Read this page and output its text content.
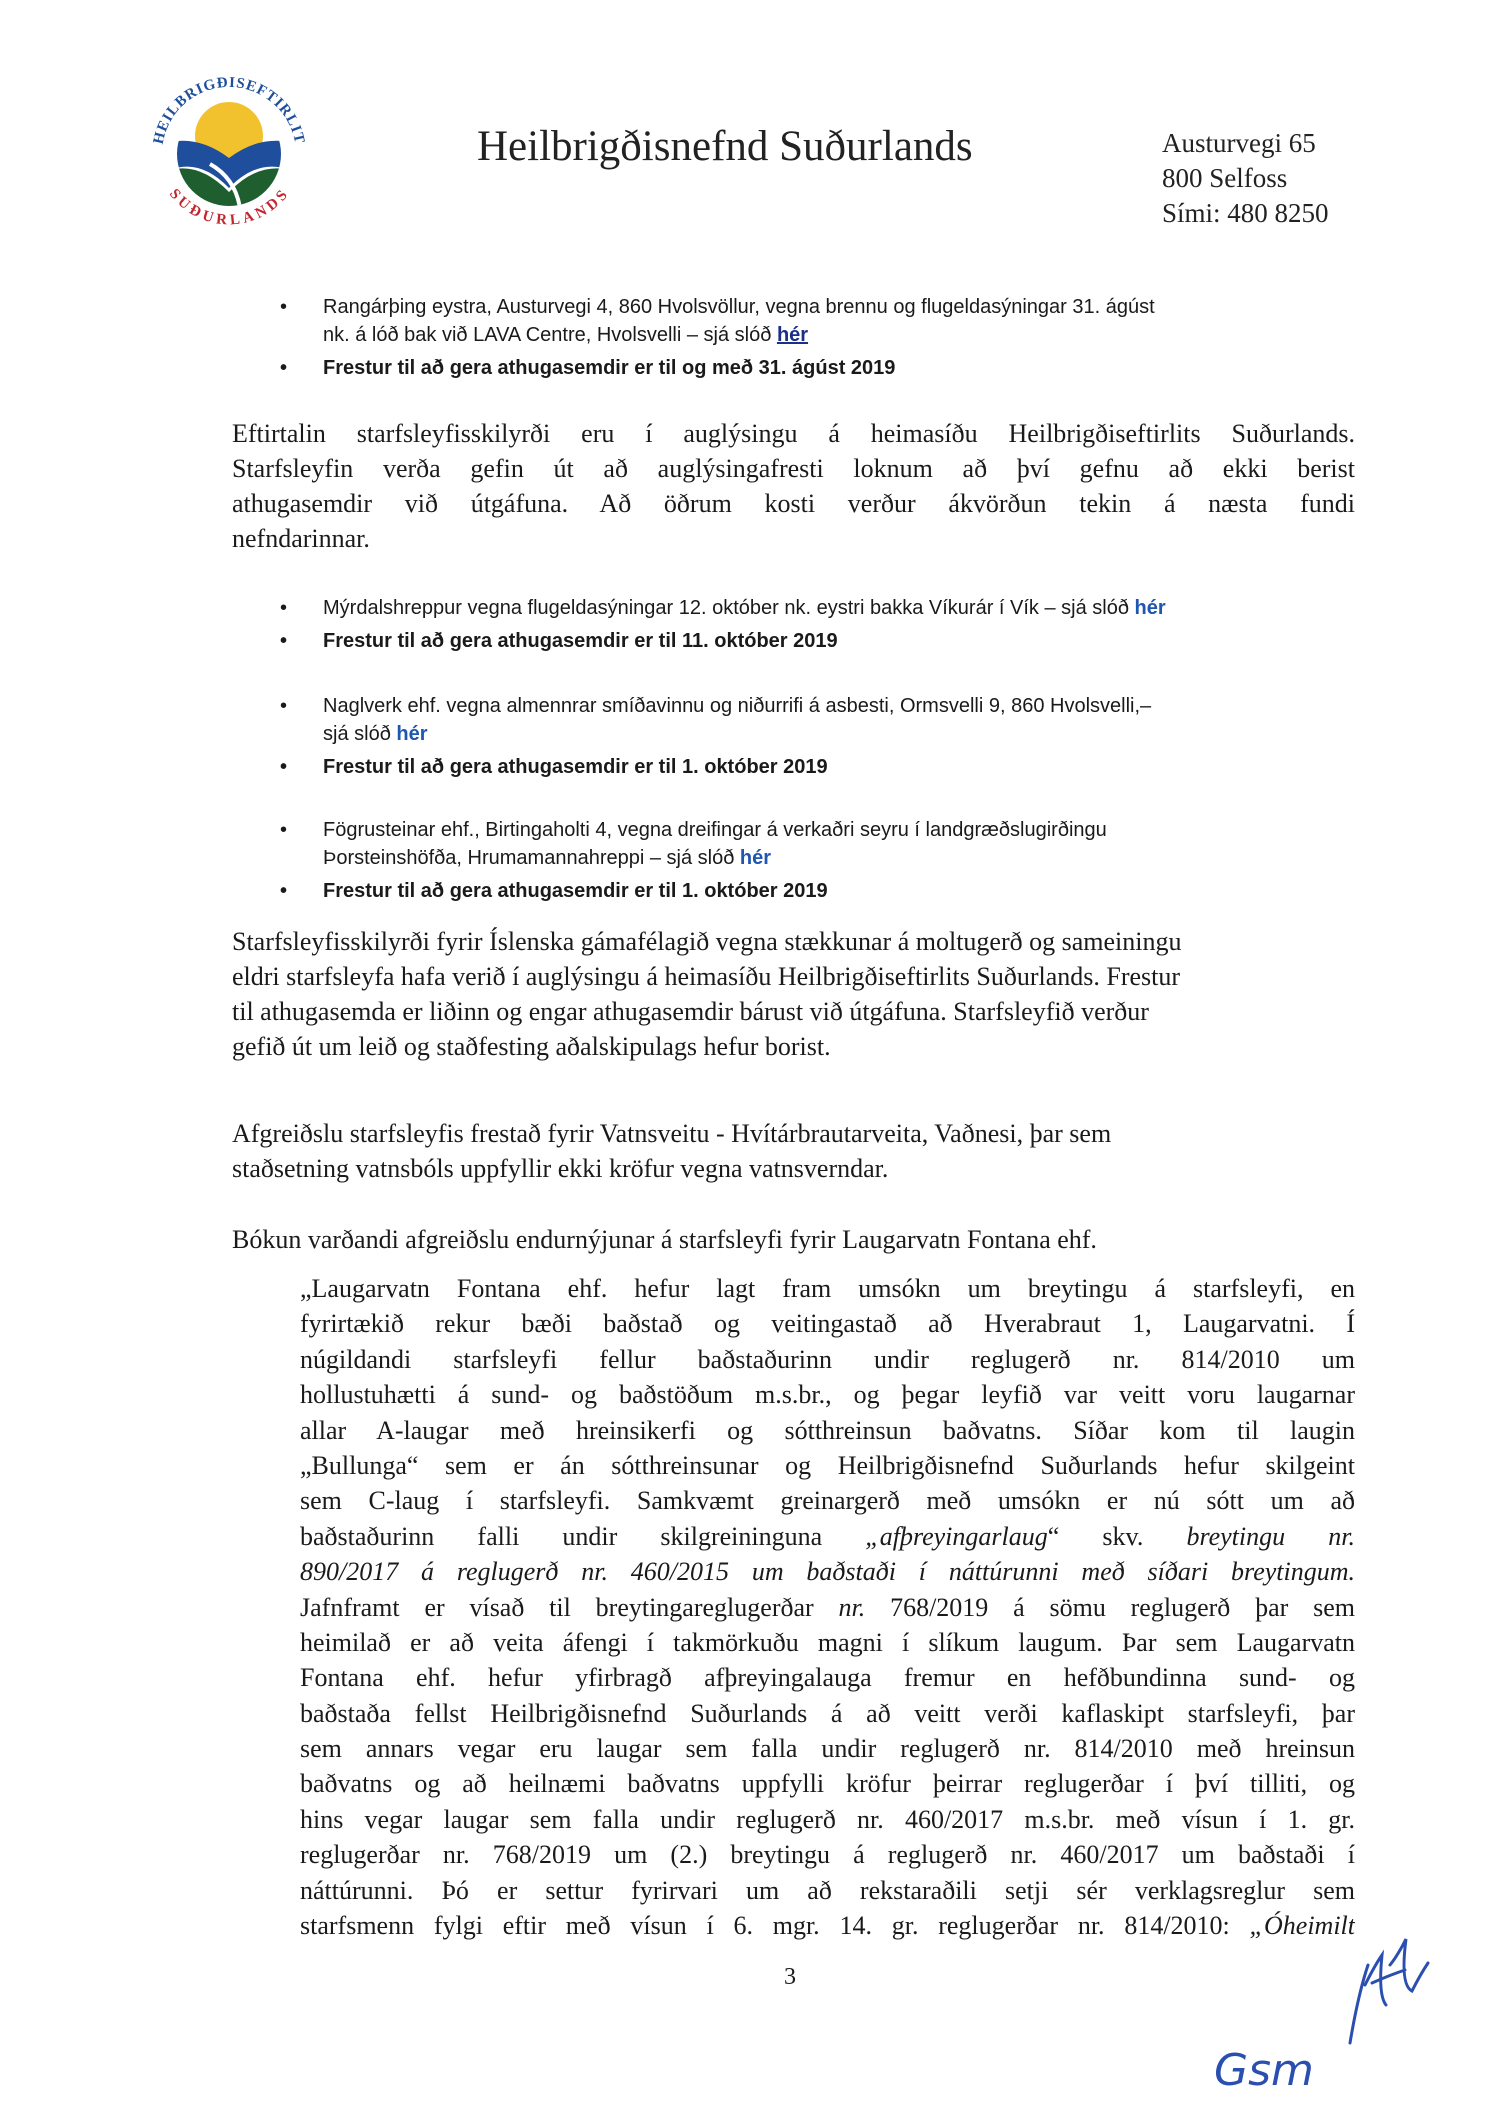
HEILBRIGÐISEFTIRLIT
SUÐURLANDS
Heilbrigðisnefnd Suðurlands	Austurvegi 65
800 Selfoss
Sími: 480 8250
• Rangárþing eystra, Austurvegi 4, 860 Hvolsvöllur, vegna brennu og flugeldasýningar 31. ágúst
nk. á lóð bak við LAVA Centre, Hvolsvelli – sjá slóð hér
• Frestur til að gera athugasemdir er til og með 31. ágúst 2019
Eftirtalin starfsleyfisskilyrði eru í auglýsingu á heimasíðu Heilbrigðiseftirlits Suðurlands.
Starfsleyfin verða gefin út að auglýsingafresti loknum að því gefnu að ekki berist
athugasemdir við útgáfuna. Að öðrum kosti verður ákvörðun tekin á næsta fundi
nefndarinnar.
• Mýrdalshreppur vegna flugeldasýningar 12. október nk. eystri bakka Víkurár í Vík – sjá slóð hér
• Frestur til að gera athugasemdir er til 11. október 2019
• Naglverk ehf. vegna almennrar smíðavinnu og niðurrifi á asbesti, Ormsvelli 9, 860 Hvolsvelli,–
sjá slóð hér
• Frestur til að gera athugasemdir er til 1. október 2019
• Fögrusteinar ehf., Birtingaholti 4, vegna dreifingar á verkaðri seyru í landgræðslugirðingu
Þorsteinshöfða, Hrumamannahreppi – sjá slóð hér
• Frestur til að gera athugasemdir er til 1. október 2019
Starfsleyfisskilyrði fyrir Íslenska gámafélagið vegna stækkunar á moltugerð og sameiningu
eldri starfsleyfa hafa verið í auglýsingu á heimasíðu Heilbrigðiseftirlits Suðurlands. Frestur
til athugasemda er liðinn og engar athugasemdir bárust við útgáfuna. Starfsleyfið verður
gefið út um leið og staðfesting aðalskipulags hefur borist.
Afgreiðslu starfsleyfis frestað fyrir Vatnsveitu - Hvítárbrautarveita, Vaðnesi, þar sem
staðsetning vatnsbóls uppfyllir ekki kröfur vegna vatnsverndar.
Bókun varðandi afgreiðslu endurnýjunar á starfsleyfi fyrir Laugarvatn Fontana ehf.
„Laugarvatn Fontana ehf. hefur lagt fram umsókn um breytingu á starfsleyfi, en
fyrirtækið rekur bæði baðstað og veitingastað að Hverabraut 1, Laugarvatni. Í
núgildandi starfsleyfi fellur baðstaðurinn undir reglugerð nr. 814/2010 um
hollustuhætti á sund- og baðstöðum m.s.br., og þegar leyfið var veitt voru laugarnar
allar A-laugar með hreinsikerfi og sótthreinsun baðvatns. Síðar kom til laugin
„Bullunga“ sem er án sótthreinsunar og Heilbrigðisnefnd Suðurlands hefur skilgeint
sem C-laug í starfsleyfi. Samkvæmt greinargerð með umsókn er nú sótt um að
baðstaðurinn falli undir skilgreininguna „afþreyingarlaug“ skv. breytingu nr.
890/2017 á reglugerð nr. 460/2015 um baðstaði í náttúrunni með síðari breytingum.
Jafnframt er vísað til breytingareglugerðar nr. 768/2019 á sömu reglugerð þar sem
heimilað er að veita áfengi í takmörkuðu magni í slíkum laugum. Þar sem Laugarvatn
Fontana ehf. hefur yfirbragð afþreyingalauga fremur en hefðbundinna sund- og
baðstaða fellst Heilbrigðisnefnd Suðurlands á að veitt verði kaflaskipt starfsleyfi, þar
sem annars vegar eru laugar sem falla undir reglugerð nr. 814/2010 með hreinsun
baðvatns og að heilnæmi baðvatns uppfylli kröfur þeirrar reglugerðar í því tilliti, og
hins vegar laugar sem falla undir reglugerð nr. 460/2017 m.s.br. með vísun í 1. gr.
reglugerðar nr. 768/2019 um (2.) breytingu á reglugerð nr. 460/2017 um baðstaði í
náttúrunni. Þó er settur fyrirvari um að rekstaraðili setji sér verklagsreglur sem
starfsmenn fylgi eftir með vísun í 6. mgr. 14. gr. reglugerðar nr. 814/2010: „Óheimilt
3
Gsm
